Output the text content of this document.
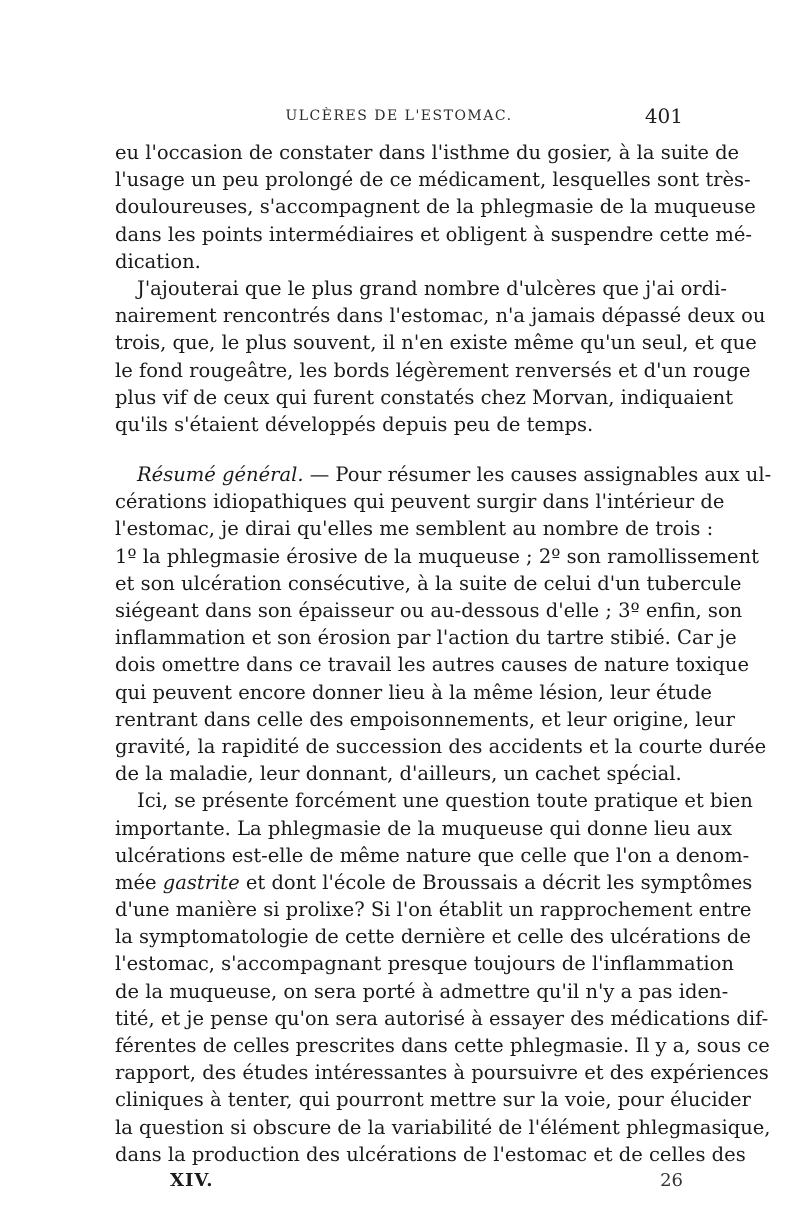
ULCÈRES DE L'ESTOMAC.	401
eu l'occasion de constater dans l'isthme du gosier, à la suite de
l'usage un peu prolongé de ce médicament, lesquelles sont très-
douloureuses, s'accompagnent de la phlegmasie de la muqueuse
dans les points intermédiaires et obligent à suspendre cette mé-
dication.
J'ajouterai que le plus grand nombre d'ulcères que j'ai ordi-
nairement rencontrés dans l'estomac, n'a jamais dépassé deux ou
trois, que, le plus souvent, il n'en existe même qu'un seul, et que
le fond rougeâtre, les bords légèrement renversés et d'un rouge
plus vif de ceux qui furent constatés chez Morvan, indiquaient
qu'ils s'étaient développés depuis peu de temps.
Résumé général. — Pour résumer les causes assignables aux ul-
cérations idiopathiques qui peuvent surgir dans l'intérieur de
l'estomac, je dirai qu'elles me semblent au nombre de trois :
1º la phlegmasie érosive de la muqueuse ; 2º son ramollissement
et son ulcération consécutive, à la suite de celui d'un tubercule
siégeant dans son épaisseur ou au-dessous d'elle ; 3º enfin, son
inflammation et son érosion par l'action du tartre stibié. Car je
dois omettre dans ce travail les autres causes de nature toxique
qui peuvent encore donner lieu à la même lésion, leur étude
rentrant dans celle des empoisonnements, et leur origine, leur
gravité, la rapidité de succession des accidents et la courte durée
de la maladie, leur donnant, d'ailleurs, un cachet spécial.
Ici, se présente forcément une question toute pratique et bien
importante. La phlegmasie de la muqueuse qui donne lieu aux
ulcérations est-elle de même nature que celle que l'on a denom-
mée gastrite et dont l'école de Broussais a décrit les symptômes
d'une manière si prolixe? Si l'on établit un rapprochement entre
la symptomatologie de cette dernière et celle des ulcérations de
l'estomac, s'accompagnant presque toujours de l'inflammation
de la muqueuse, on sera porté à admettre qu'il n'y a pas iden-
tité, et je pense qu'on sera autorisé à essayer des médications dif-
férentes de celles prescrites dans cette phlegmasie. Il y a, sous ce
rapport, des études intéressantes à poursuivre et des expériences
cliniques à tenter, qui pourront mettre sur la voie, pour élucider
la question si obscure de la variabilité de l'élément phlegmasique,
dans la production des ulcérations de l'estomac et de celles des
XIV.	26
